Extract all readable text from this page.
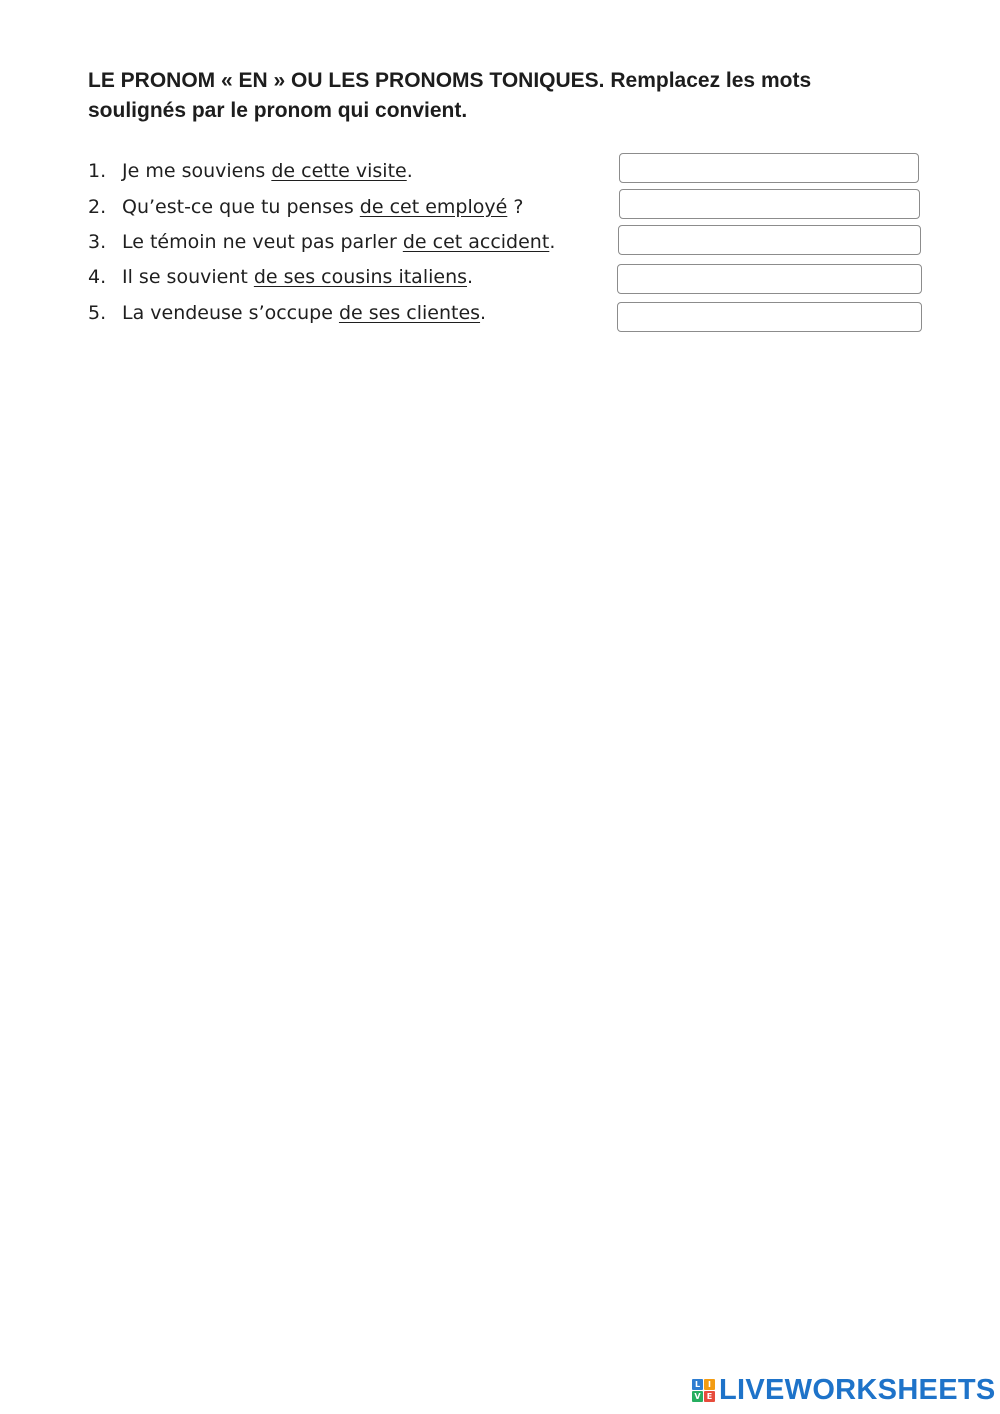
LE PRONOM « EN » OU LES PRONOMS TONIQUES. Remplacez les mots soulignés par le pronom qui convient.
1. Je me souviens de cette visite.
2. Qu’est-ce que tu penses de cet employé ?
3. Le témoin ne veut pas parler de cet accident.
4. Il se souvient de ses cousins italiens.
5. La vendeuse s’occupe de ses clientes.
L I
V E LIVEWORKSHEETS
